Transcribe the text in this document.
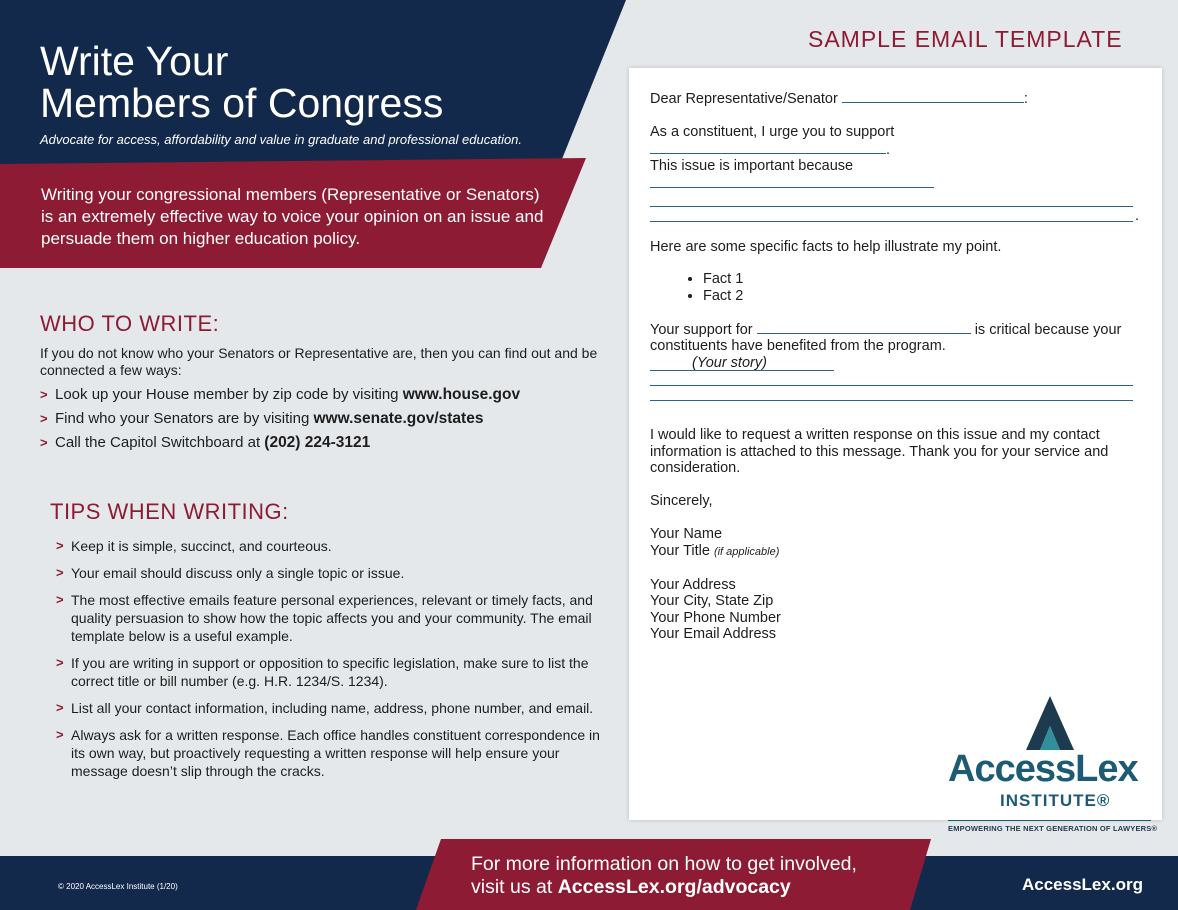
Write Your
Members of Congress
Advocate for access, affordability and value in graduate and professional education.

Writing your congressional members (Representative or Senators) is an extremely effective way to voice your opinion on an issue and persuade them on higher education policy.

WHO TO WRITE:

If you do not know who your Senators or Representative are, then you can find out and be connected a few ways:

> Look up your House member by zip code by visiting www.house.gov
> Find who your Senators are by visiting www.senate.gov/states
> Call the Capitol Switchboard at (202) 224-3121
TIPS WHEN WRITING:
> Keep it is simple, succinct, and courteous.
> Your email should discuss only a single topic or issue.
> The most effective emails feature personal experiences, relevant or timely facts, and quality persuasion to show how the topic affects you and your community. The email template below is a useful example.
> If you are writing in support or opposition to specific legislation, make sure to list the correct title or bill number (e.g. H.R. 1234/S. 1234).
> List all your contact information, including name, address, phone number, and email.
> Always ask for a written response. Each office handles constituent correspondence in its own way, but proactively requesting a written response will help ensure your message doesn’t slip through the cracks.
SAMPLE EMAIL TEMPLATE
Dear Representative/Senator	:
As a constituent, I urge you to support .
This issue is important because
.

Here are some specific facts to help illustrate my point.

• Fact 1
• Fact 2
Your support for	is critical because your
constituents have benefited from the program. (Your story)

I would like to request a written response on this issue and my contact information is attached to this message. Thank you for your service and consideration.

Sincerely,

Your Name

Your Title (if applicable)

Your Address

Your City, State Zip

Your Phone Number

Your Email Address

AccessLex
INSTITUTE®
EMPOWERING THE NEXT GENERATION OF LAWYERS®
© 2020 AccessLex Institute (1/20)
For more information on how to get involved,
visit us at AccessLex.org/advocacy	AccessLex.org
